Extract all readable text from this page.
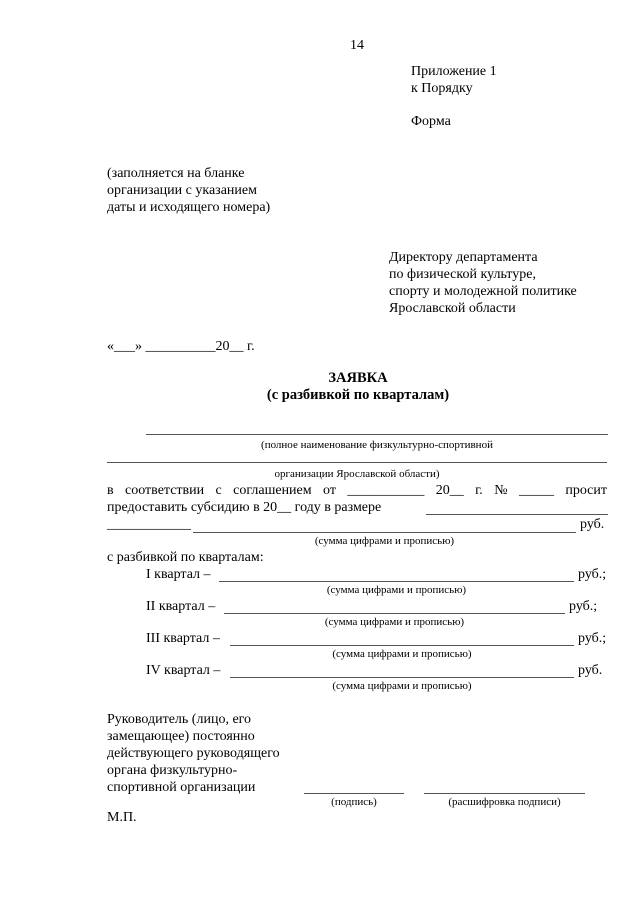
14
Приложение 1
к Порядку
Форма
(заполняется на бланке
организации с указанием
даты и исходящего номера)
Директору департамента
по физической культуре,
спорту и молодежной политике
Ярославской области
«___» __________20__ г.
ЗАЯВКА
(с разбивкой по кварталам)
(полное наименование физкультурно-спортивной
организации Ярославской области)
в соответствии с соглашением от ___________ 20__ г. № _____ просит
предоставить субсидию в 20__ году в размере
____________	руб.
(сумма цифрами и прописью)
с разбивкой по кварталам:
I квартал –	руб.;
(сумма цифрами и прописью)
II квартал –	руб.;
(сумма цифрами и прописью)
III квартал –	руб.;
(сумма цифрами и прописью)
IV квартал –	руб.
(сумма цифрами и прописью)
Руководитель (лицо, его
замещающее) постоянно
действующего руководящего
органа физкультурно-
спортивной организации
(подпись)	(расшифровка подписи)
М.П.
